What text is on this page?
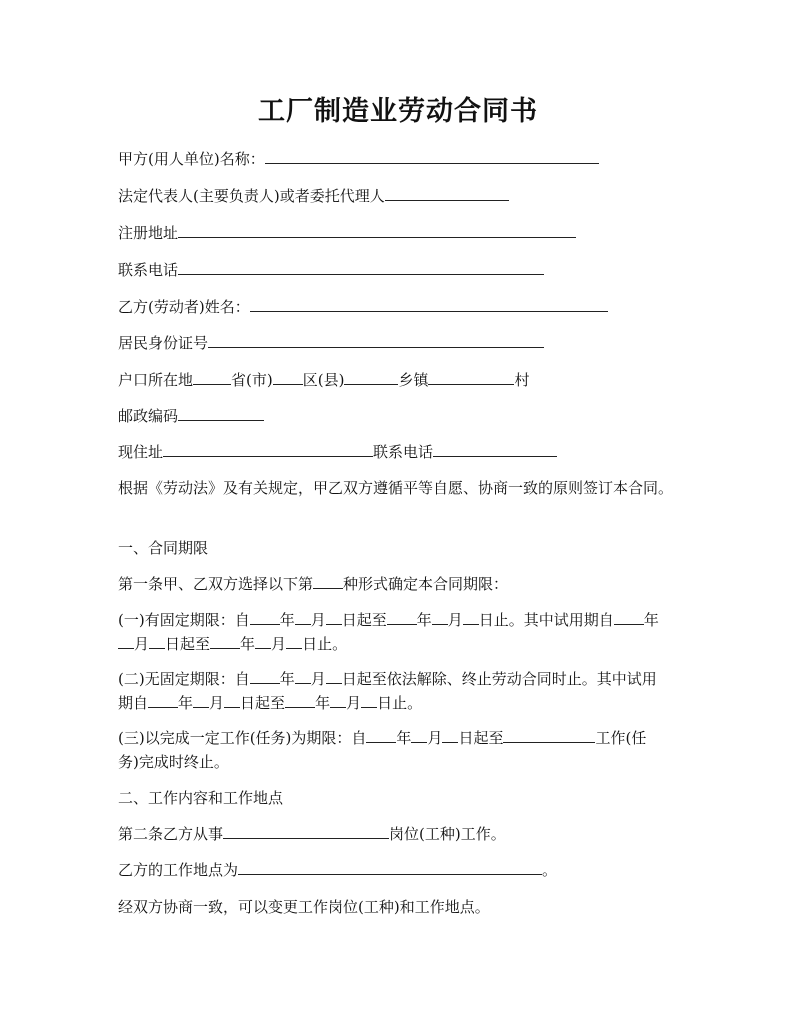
工厂制造业劳动合同书
甲方(用人单位)名称：
法定代表人(主要负责人)或者委托代理人
注册地址
联系电话
乙方(劳动者)姓名：
居民身份证号
户口所在地	省(市) 区(县)	乡镇	村
邮政编码
现住址	联系电话
根据《劳动法》及有关规定，甲乙双方遵循平等自愿、协商一致的原则签订本合同。
一、合同期限
第一条甲、乙双方选择以下第 种形式确定本合同期限：
(一)有固定期限：自 年 月 日起至 年 月 日止。其中试用期自 年
月 日起至 年 月 日止。
(二)无固定期限：自 年 月 日起至依法解除、终止劳动合同时止。其中试用
期自 年 月 日起至 年 月 日止。
(三)以完成一定工作(任务)为期限：自 年 月 日起至	工作(任
务)完成时终止。
二、工作内容和工作地点
第二条乙方从事	岗位(工种)工作。
乙方的工作地点为	。
经双方协商一致，可以变更工作岗位(工种)和工作地点。
